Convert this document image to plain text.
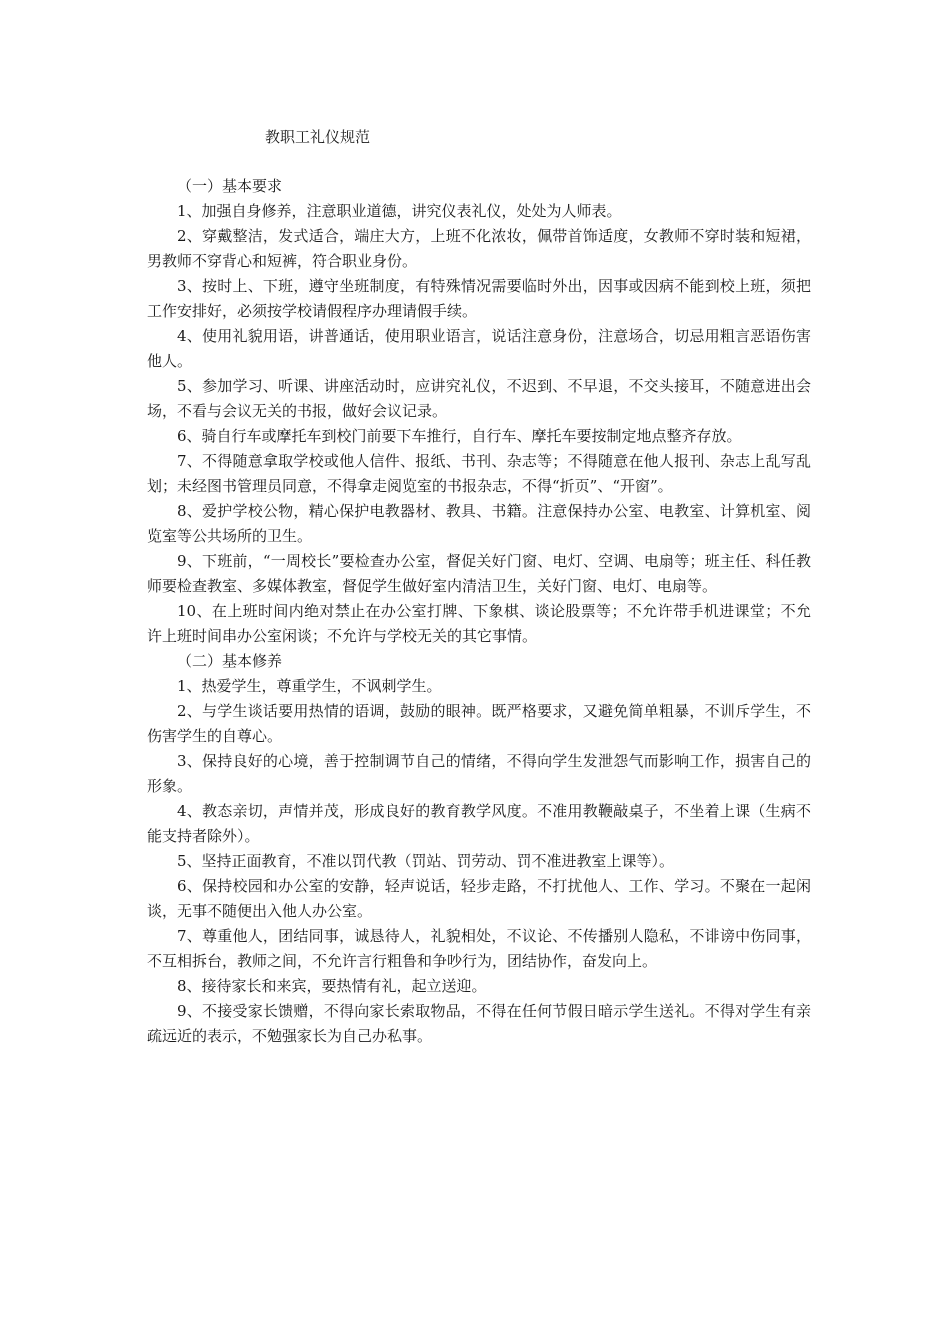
教职工礼仪规范

（一）基本要求

1、加强自身修养，注意职业道德，讲究仪表礼仪，处处为人师表。

2、穿戴整洁，发式适合，端庄大方，上班不化浓妆，佩带首饰适度，女教师不穿时装和短裙，男教师不穿背心和短裤，符合职业身份。

3、按时上、下班，遵守坐班制度，有特殊情况需要临时外出，因事或因病不能到校上班，须把工作安排好，必须按学校请假程序办理请假手续。

4、使用礼貌用语，讲普通话，使用职业语言，说话注意身份，注意场合，切忌用粗言恶语伤害他人。

5、参加学习、听课、讲座活动时，应讲究礼仪，不迟到、不早退，不交头接耳，不随意进出会场，不看与会议无关的书报，做好会议记录。

6、骑自行车或摩托车到校门前要下车推行，自行车、摩托车要按制定地点整齐存放。

7、不得随意拿取学校或他人信件、报纸、书刊、杂志等；不得随意在他人报刊、杂志上乱写乱划；未经图书管理员同意，不得拿走阅览室的书报杂志，不得“折页”、“开窗”。

8、爱护学校公物，精心保护电教器材、教具、书籍。注意保持办公室、电教室、计算机室、阅览室等公共场所的卫生。

9、下班前，“一周校长”要检查办公室，督促关好门窗、电灯、空调、电扇等；班主任、科任教师要检查教室、多媒体教室，督促学生做好室内清洁卫生，关好门窗、电灯、电扇等。

10、在上班时间内绝对禁止在办公室打牌、下象棋、谈论股票等；不允许带手机进课堂；不允许上班时间串办公室闲谈；不允许与学校无关的其它事情。

（二）基本修养

1、热爱学生，尊重学生，不讽刺学生。

2、与学生谈话要用热情的语调，鼓励的眼神。既严格要求，又避免简单粗暴，不训斥学生，不伤害学生的自尊心。

3、保持良好的心境，善于控制调节自己的情绪，不得向学生发泄怨气而影响工作，损害自己的形象。

4、教态亲切，声情并茂，形成良好的教育教学风度。不准用教鞭敲桌子，不坐着上课（生病不能支持者除外）。

5、坚持正面教育，不准以罚代教（罚站、罚劳动、罚不准进教室上课等）。

6、保持校园和办公室的安静，轻声说话，轻步走路，不打扰他人、工作、学习。不聚在一起闲谈，无事不随便出入他人办公室。

7、尊重他人，团结同事，诚恳待人，礼貌相处，不议论、不传播别人隐私，不诽谤中伤同事，不互相拆台，教师之间，不允许言行粗鲁和争吵行为，团结协作，奋发向上。

8、接待家长和来宾，要热情有礼，起立送迎。

9、不接受家长馈赠，不得向家长索取物品，不得在任何节假日暗示学生送礼。不得对学生有亲疏远近的表示，不勉强家长为自己办私事。
